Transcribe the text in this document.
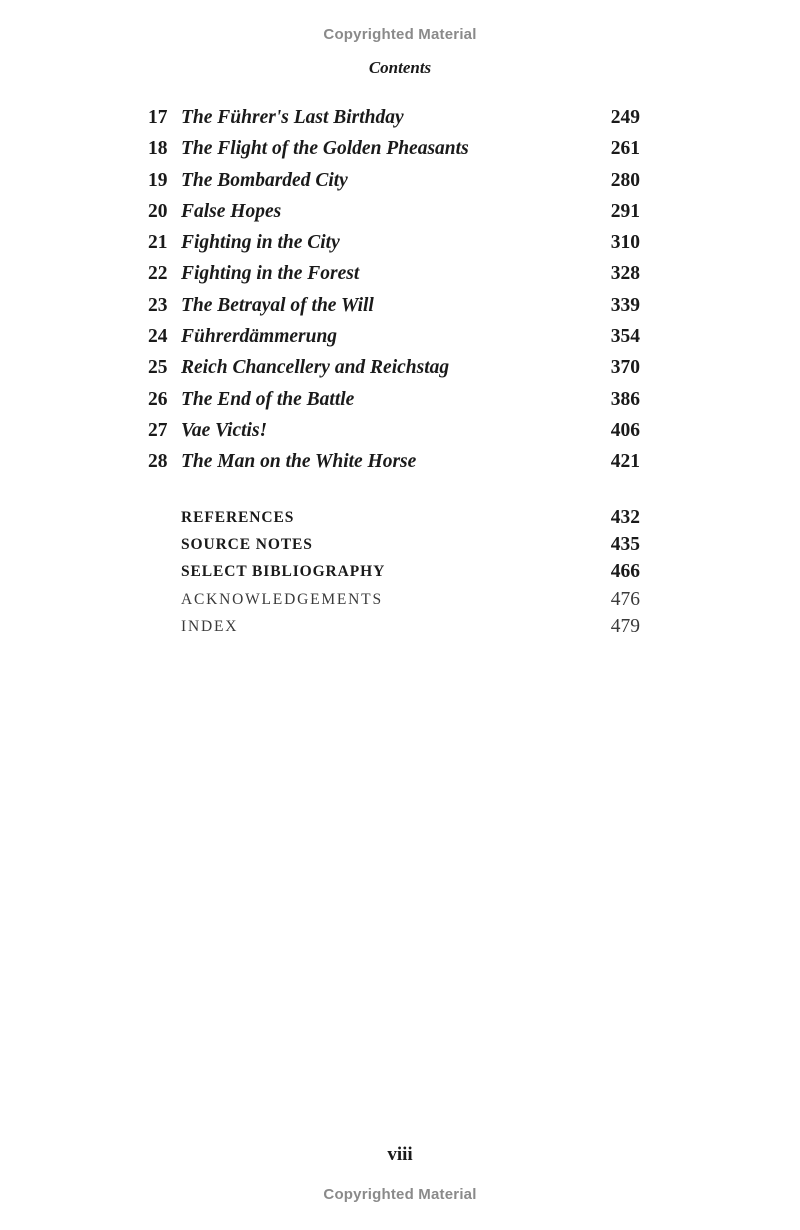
Copyrighted Material
Contents
17 The Führer's Last Birthday	249
18 The Flight of the Golden Pheasants	261
19 The Bombarded City	280
20 False Hopes	291
21 Fighting in the City	310
22 Fighting in the Forest	328
23 The Betrayal of the Will	339
24 Führerdämmerung	354
25 Reich Chancellery and Reichstag	370
26 The End of the Battle	386
27 Vae Victis!	406
28 The Man on the White Horse	421
REFERENCES	432
SOURCE NOTES	435
SELECT BIBLIOGRAPHY	466
ACKNOWLEDGEMENTS	476
INDEX	479
viii
Copyrighted Material
